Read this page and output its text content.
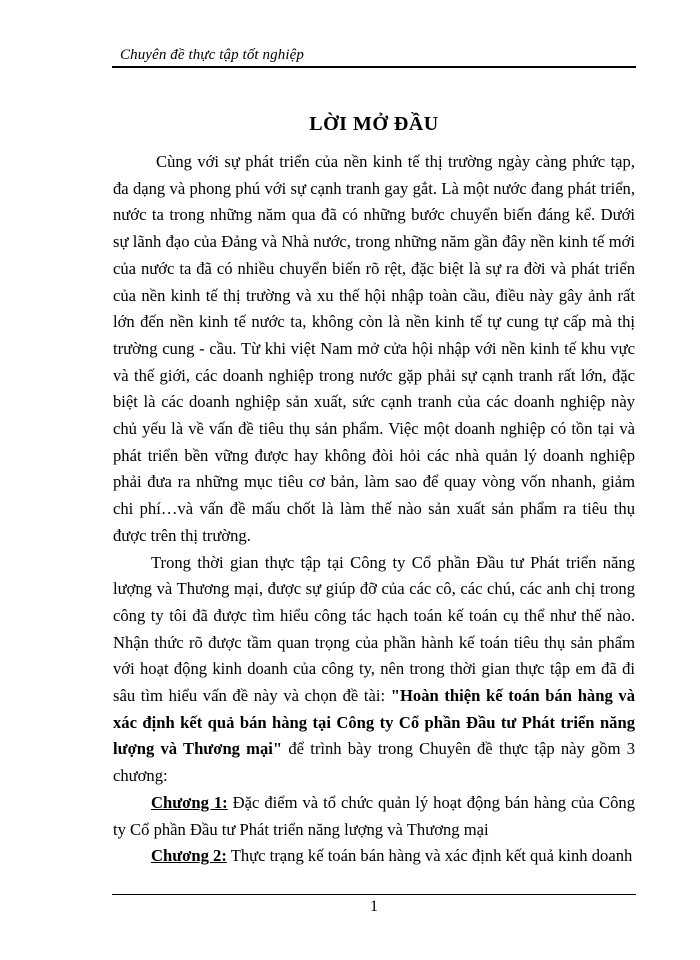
Chuyên đề thực tập tốt nghiệp
LỜI MỞ ĐẦU

Cùng với sự phát triển của nền kinh tế thị trường ngày càng phức tạp, đa dạng và phong phú với sự cạnh tranh gay gắt. Là một nước đang phát triển, nước ta trong những năm qua đã có những bước chuyển biến đáng kể. Dưới sự lãnh đạo của Đảng và Nhà nước, trong những năm gần đây nền kinh tế mới của nước ta đã có nhiều chuyển biến rõ rệt, đặc biệt là sự ra đời và phát triển của nền kinh tế thị trường và xu thế hội nhập toàn cầu, điều này gây ảnh rất lớn đến nền kinh tế nước ta, không còn là nền kinh tế tự cung tự cấp mà thị trường cung - cầu. Từ khi việt Nam mở cửa hội nhập với nền kinh tế khu vực và thế giới, các doanh nghiệp trong nước gặp phải sự cạnh tranh rất lớn, đặc biệt là các doanh nghiệp sản xuất, sức cạnh tranh của các doanh nghiệp này chủ yếu là về vấn đề tiêu thụ sản phẩm. Việc một doanh nghiệp có tồn tại và phát triển bền vững được hay không đòi hỏi các nhà quản lý doanh nghiệp phải đưa ra những mục tiêu cơ bản, làm sao để quay vòng vốn nhanh, giảm chi phí…và vấn đề mấu chốt là làm thế nào sản xuất sản phẩm ra tiêu thụ được trên thị trường.

Trong thời gian thực tập tại Công ty Cổ phần Đầu tư Phát triển năng lượng và Thương mại, được sự giúp đỡ của các cô, các chú, các anh chị trong công ty tôi đã được tìm hiểu công tác hạch toán kế toán cụ thể như thế nào. Nhận thức rõ được tầm quan trọng của phần hành kế toán tiêu thụ sản phẩm với hoạt động kinh doanh của công ty, nên trong thời gian thực tập em đã đi sâu tìm hiểu vấn đề này và chọn đề tài: "Hoàn thiện kế toán bán hàng và xác định kết quả bán hàng tại Công ty Cổ phần Đầu tư Phát triển năng lượng và Thương mại" để trình bày trong Chuyên đề thực tập này gồm 3 chương:

Chương 1: Đặc điểm và tổ chức quản lý hoạt động bán hàng của Công ty Cổ phần Đầu tư Phát triển năng lượng và Thương mại

Chương 2: Thực trạng kế toán bán hàng và xác định kết quả kinh doanh

1
